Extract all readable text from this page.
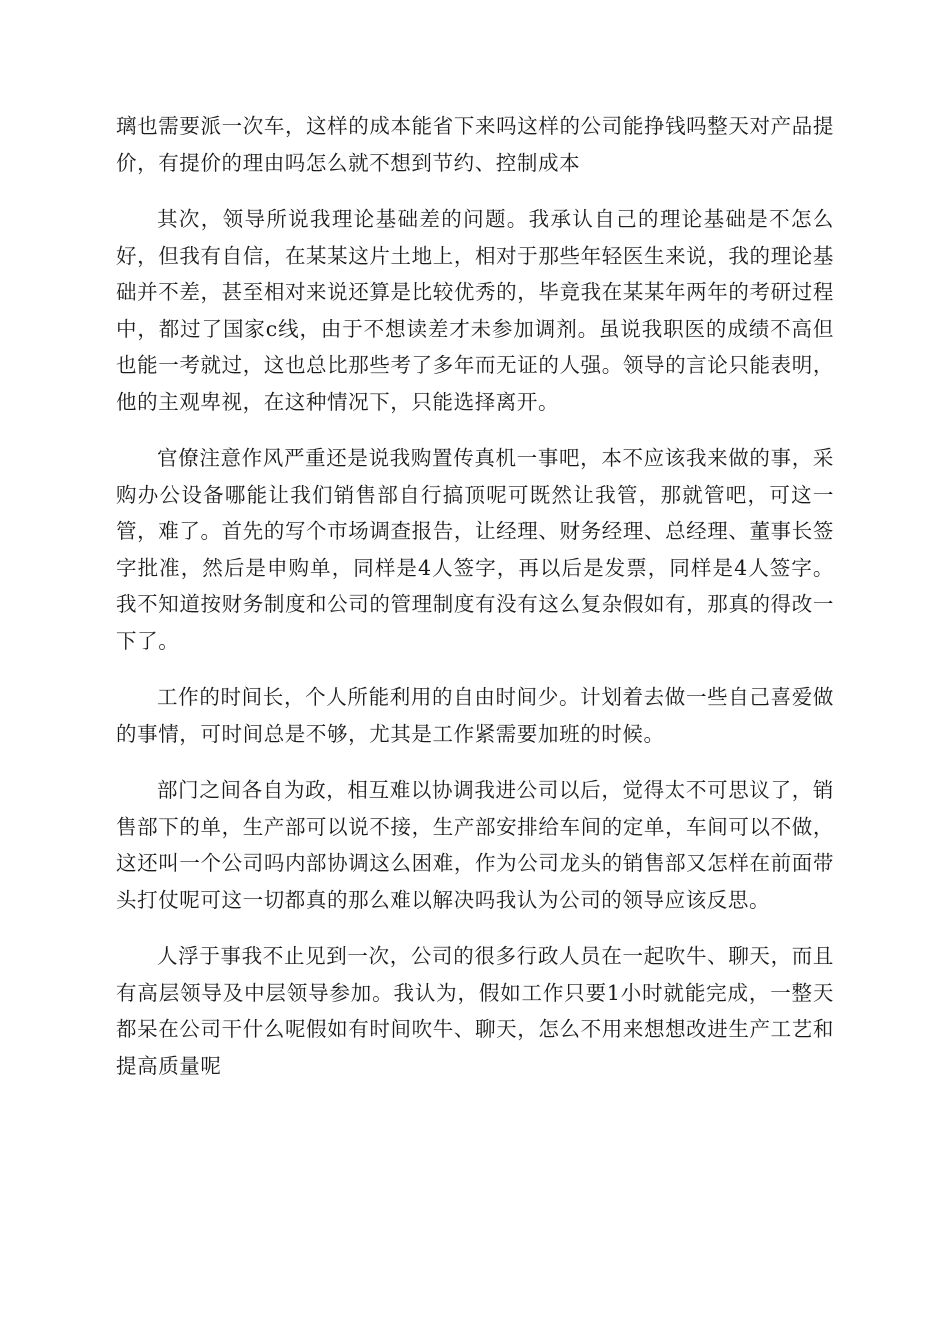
璃也需要派一次车，这样的成本能省下来吗这样的公司能挣钱吗整天对产品提价，有提价的理由吗怎么就不想到节约、控制成本

其次，领导所说我理论基础差的问题。我承认自己的理论基础是不怎么好，但我有自信，在某某这片土地上，相对于那些年轻医生来说，我的理论基础并不差，甚至相对来说还算是比较优秀的，毕竟我在某某年两年的考研过程中，都过了国家c线，由于不想读差才未参加调剂。虽说我职医的成绩不高但也能一考就过，这也总比那些考了多年而无证的人强。领导的言论只能表明，他的主观卑视，在这种情况下，只能选择离开。

官僚注意作风严重还是说我购置传真机一事吧，本不应该我来做的事，采购办公设备哪能让我们销售部自行搞顶呢可既然让我管，那就管吧，可这一管，难了。首先的写个市场调查报告，让经理、财务经理、总经理、董事长签字批准，然后是申购单，同样是4人签字，再以后是发票，同样是4人签字。我不知道按财务制度和公司的管理制度有没有这么复杂假如有，那真的得改一下了。

工作的时间长，个人所能利用的自由时间少。计划着去做一些自己喜爱做的事情，可时间总是不够，尤其是工作紧需要加班的时候。

部门之间各自为政，相互难以协调我进公司以后，觉得太不可思议了，销售部下的单，生产部可以说不接，生产部安排给车间的定单，车间可以不做，这还叫一个公司吗内部协调这么困难，作为公司龙头的销售部又怎样在前面带头打仗呢可这一切都真的那么难以解决吗我认为公司的领导应该反思。

人浮于事我不止见到一次，公司的很多行政人员在一起吹牛、聊天，而且有高层领导及中层领导参加。我认为，假如工作只要1小时就能完成，一整天都呆在公司干什么呢假如有时间吹牛、聊天，怎么不用来想想改进生产工艺和提高质量呢
